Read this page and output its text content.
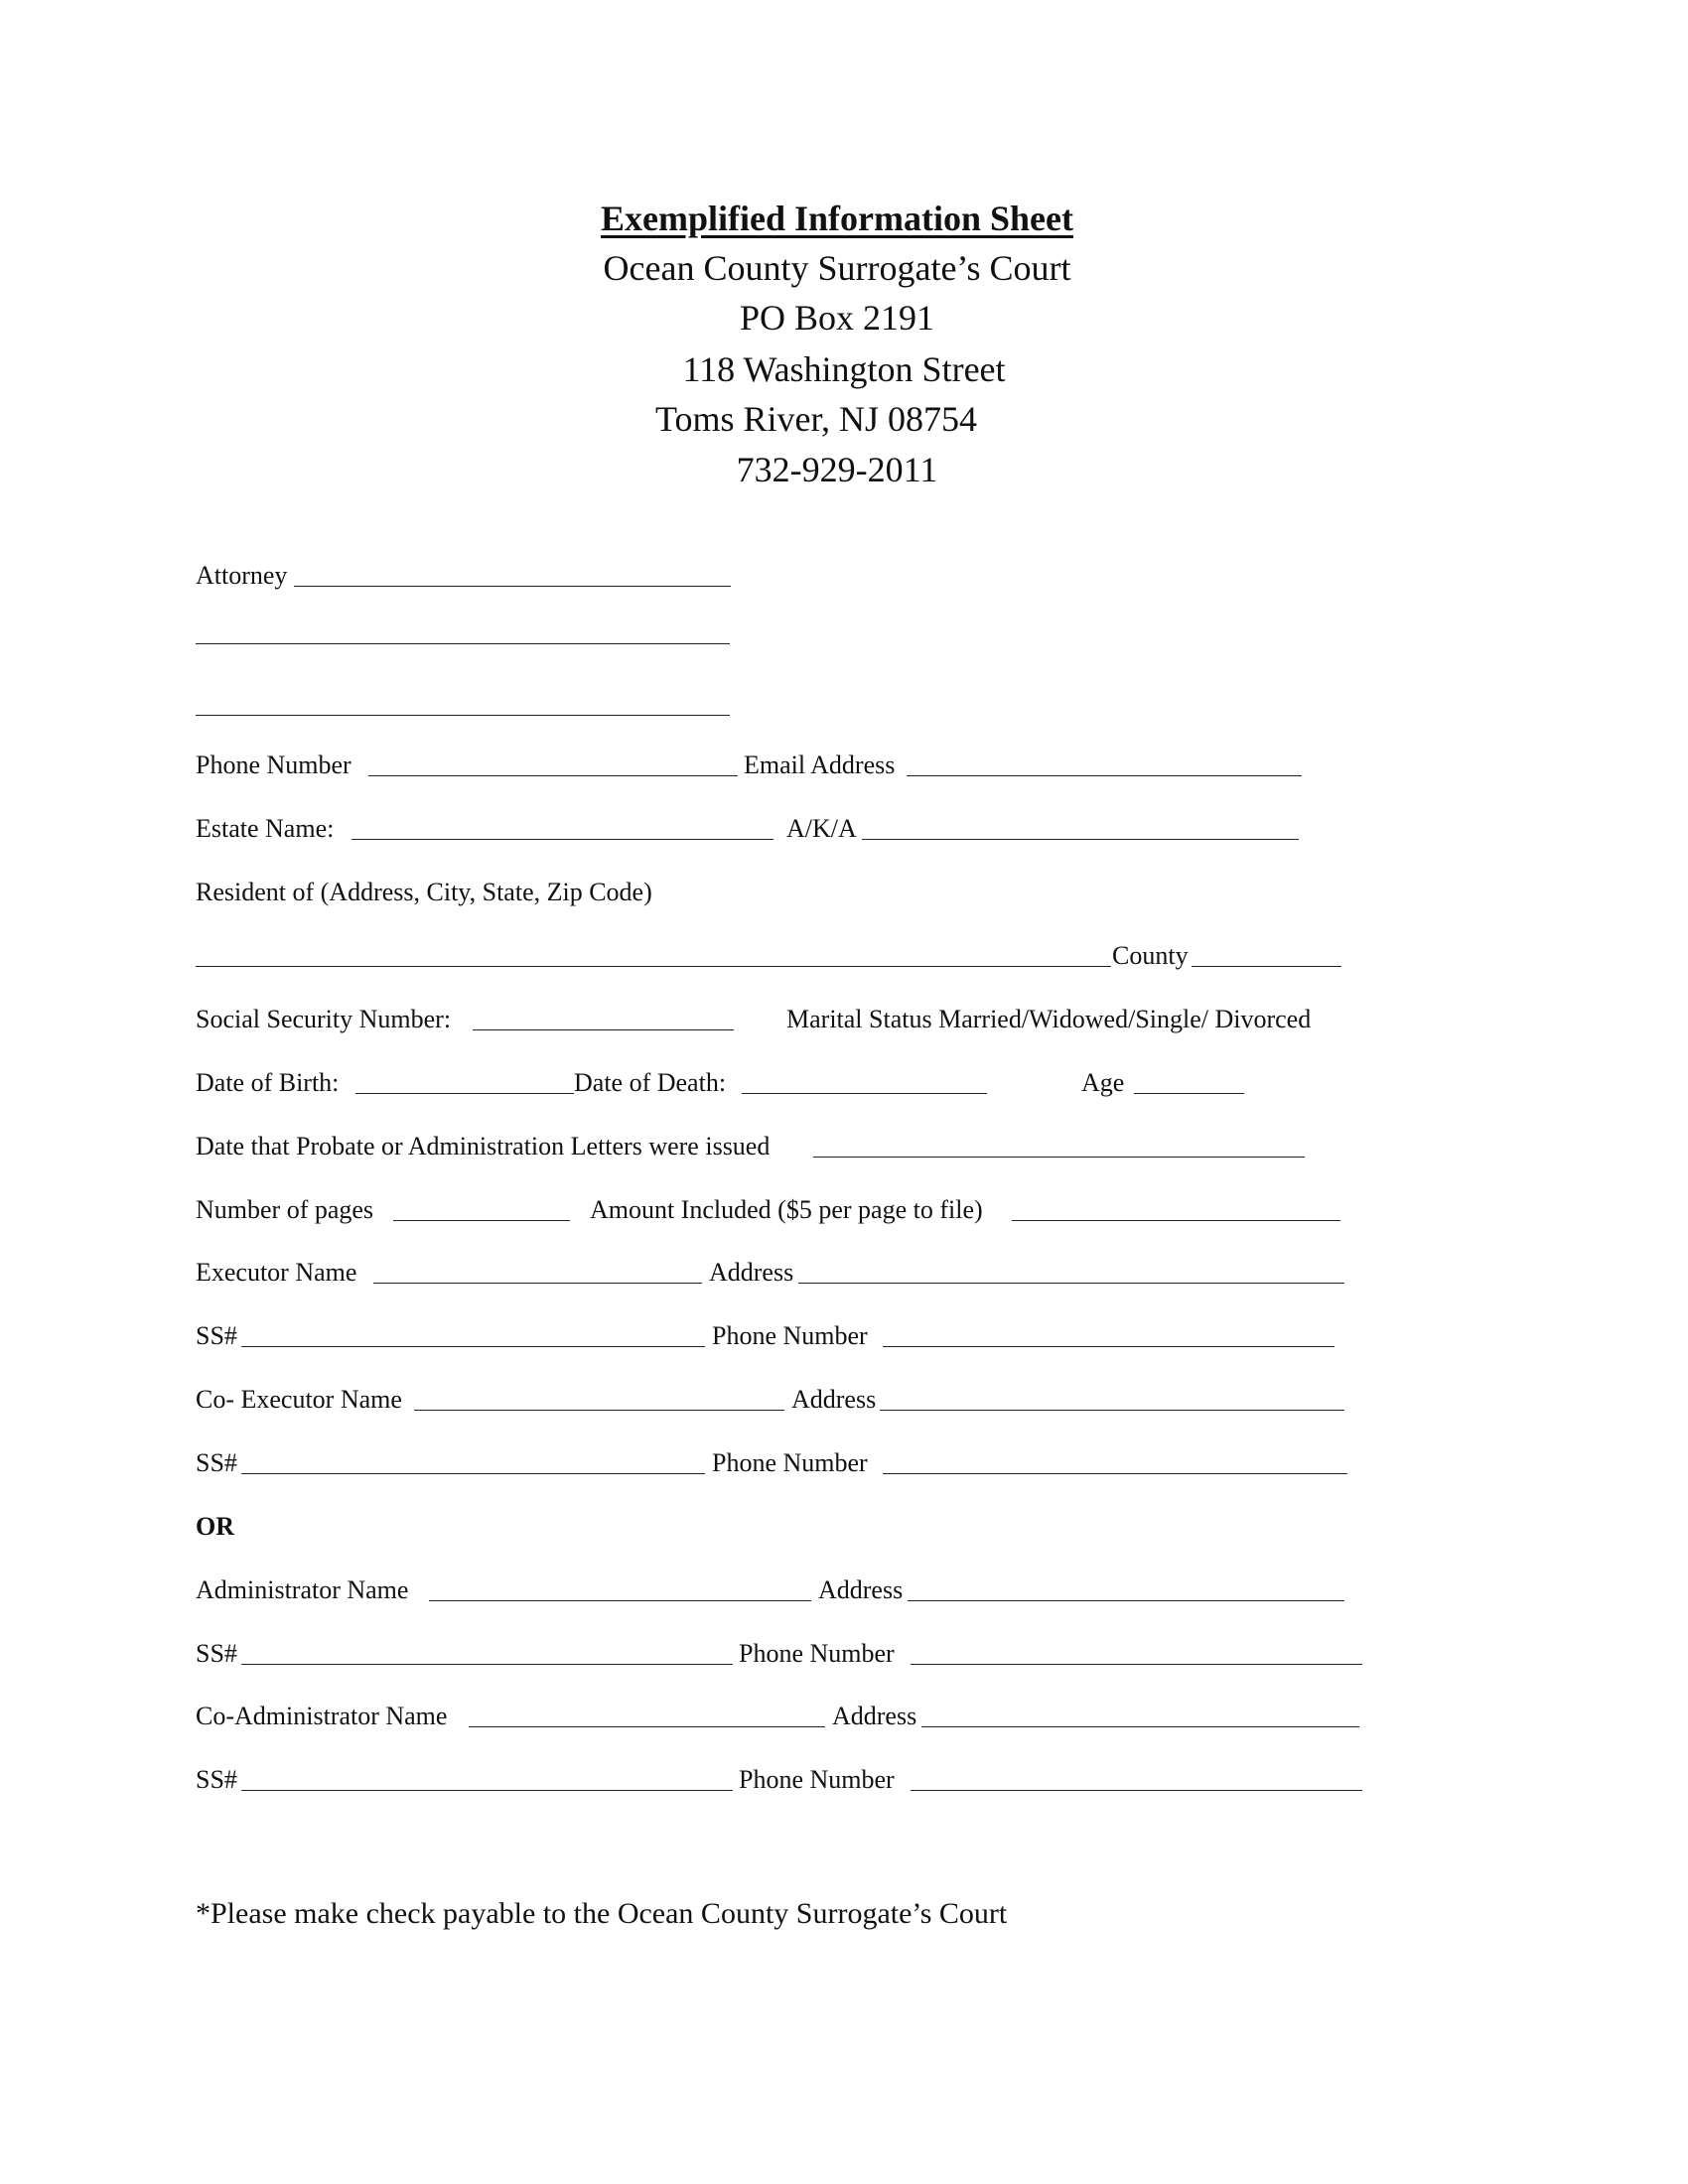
Exemplified Information Sheet
Ocean County Surrogate’s Court
PO Box 2191
118 Washington Street
Toms River, NJ 08754
732-929-2011
Attorney
Phone Number	Email Address
Estate Name:	A/K/A
Resident of (Address, City, State, Zip Code)
County
Social Security Number:	Marital Status Married/Widowed/Single/ Divorced
Date of Birth:	Date of Death:	Age
Date that Probate or Administration Letters were issued
Number of pages	Amount Included ($5 per page to file)
Executor Name	Address
SS#	Phone Number
Co- Executor Name	Address
SS#	Phone Number
OR
Administrator Name	Address
SS#	Phone Number
Co-Administrator Name	Address
SS#	Phone Number
*Please make check payable to the Ocean County Surrogate’s Court
